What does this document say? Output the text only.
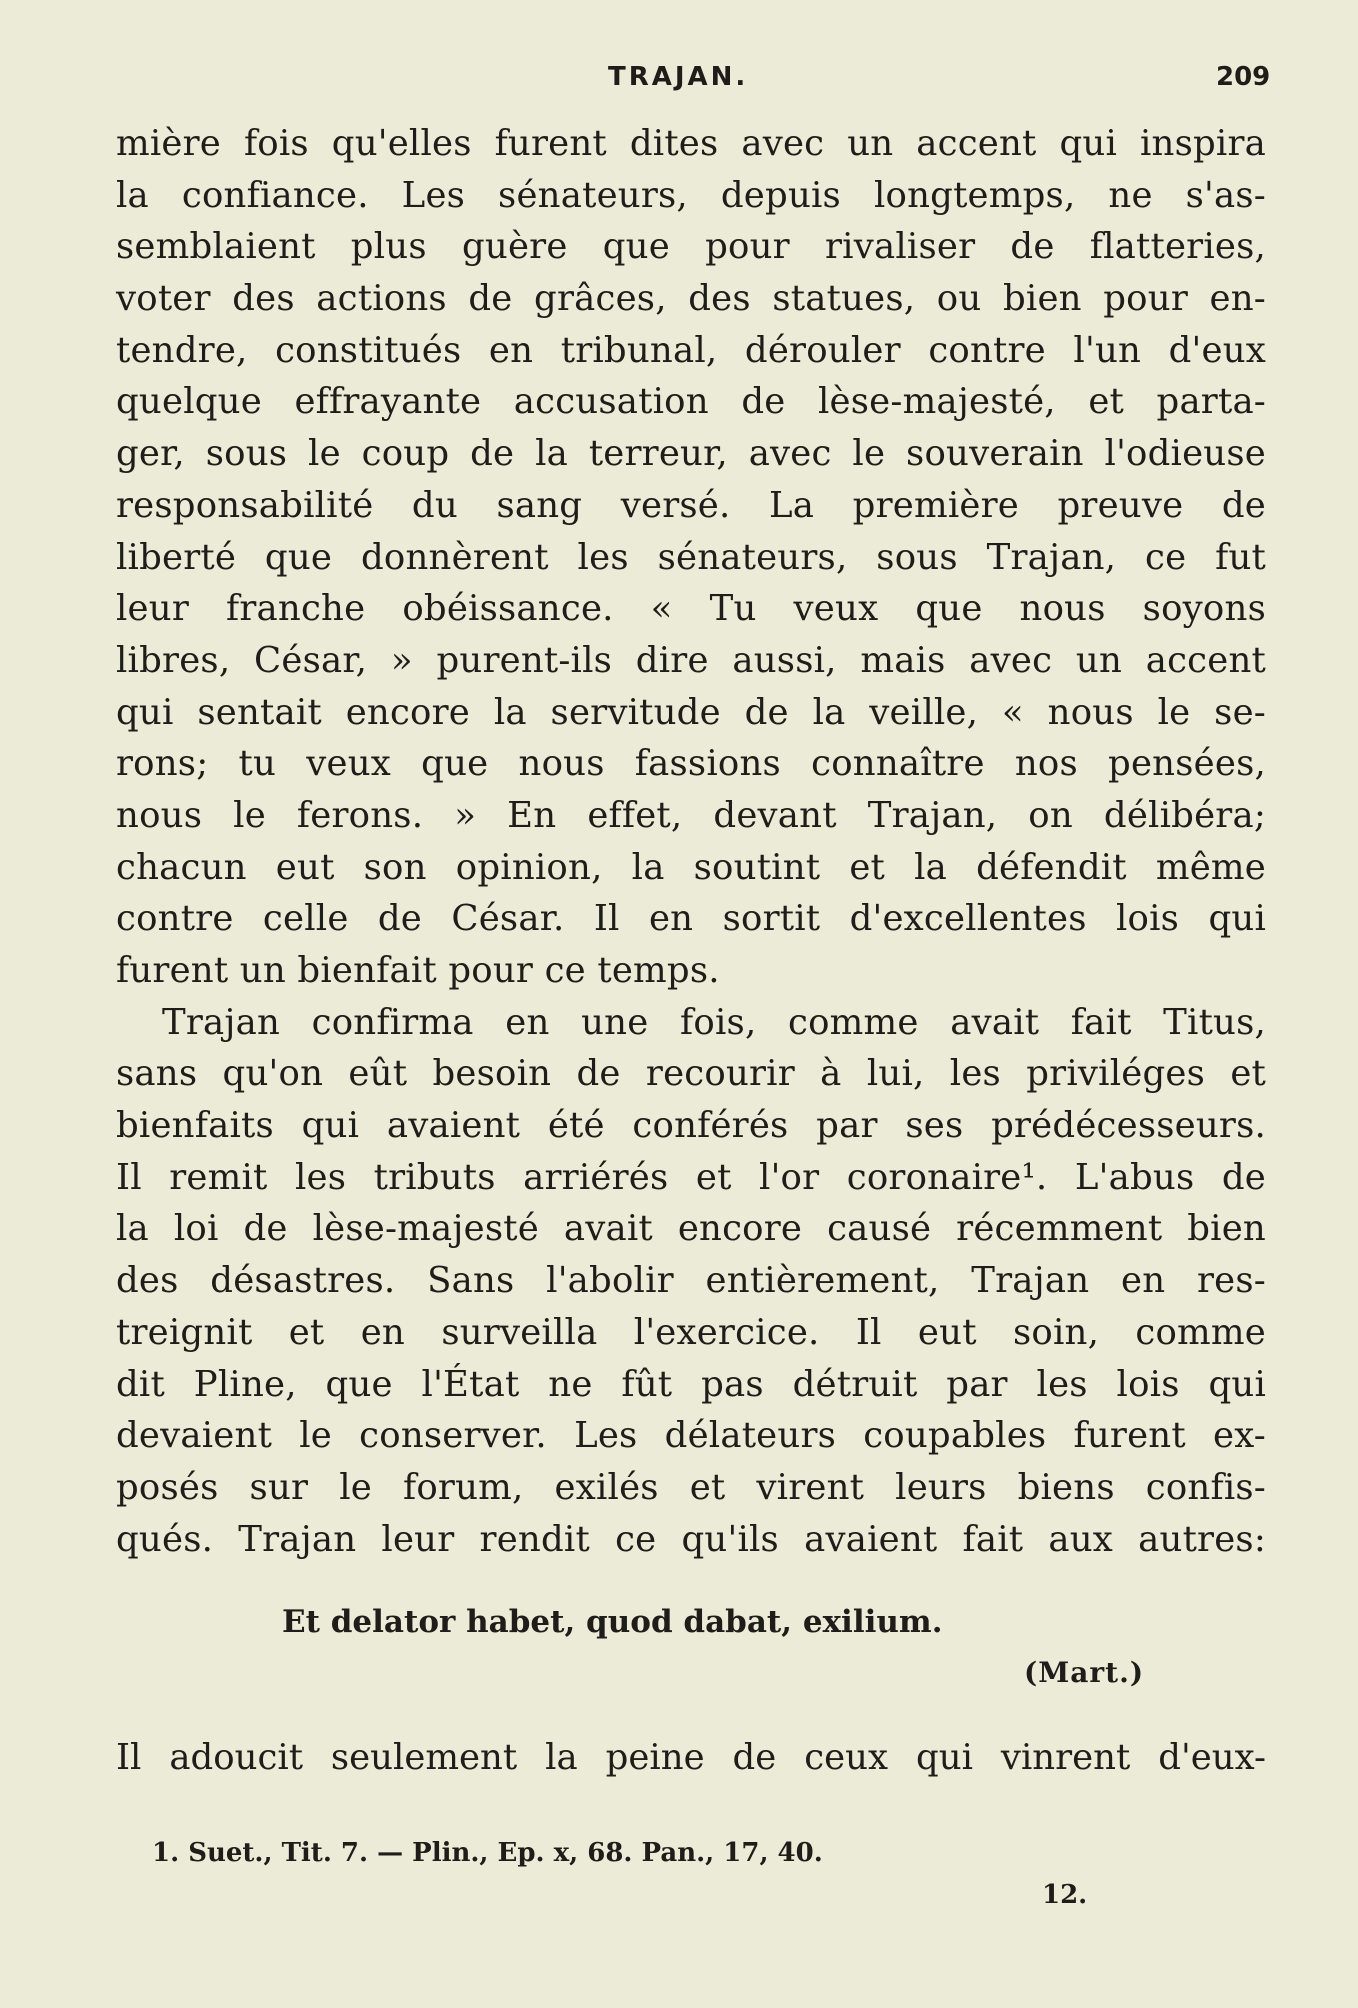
TRAJAN.	209
mière fois qu'elles furent dites avec un accent qui inspira
la confiance. Les sénateurs, depuis longtemps, ne s'as-
semblaient plus guère que pour rivaliser de flatteries,
voter des actions de grâces, des statues, ou bien pour en-
tendre, constitués en tribunal, dérouler contre l'un d'eux
quelque effrayante accusation de lèse-majesté, et parta-
ger, sous le coup de la terreur, avec le souverain l'odieuse
responsabilité du sang versé. La première preuve de
liberté que donnèrent les sénateurs, sous Trajan, ce fut
leur franche obéissance. « Tu veux que nous soyons
libres, César, » purent-ils dire aussi, mais avec un accent
qui sentait encore la servitude de la veille, « nous le se-
rons; tu veux que nous fassions connaître nos pensées,
nous le ferons. » En effet, devant Trajan, on délibéra;
chacun eut son opinion, la soutint et la défendit même
contre celle de César. Il en sortit d'excellentes lois qui
furent un bienfait pour ce temps.
Trajan confirma en une fois, comme avait fait Titus,
sans qu'on eût besoin de recourir à lui, les priviléges et
bienfaits qui avaient été conférés par ses prédécesseurs.
Il remit les tributs arriérés et l'or coronaire¹. L'abus de
la loi de lèse-majesté avait encore causé récemment bien
des désastres. Sans l'abolir entièrement, Trajan en res-
treignit et en surveilla l'exercice. Il eut soin, comme
dit Pline, que l'État ne fût pas détruit par les lois qui
devaient le conserver. Les délateurs coupables furent ex-
posés sur le forum, exilés et virent leurs biens confis-
qués. Trajan leur rendit ce qu'ils avaient fait aux autres:
Et delator habet, quod dabat, exilium.
(Mart.)
Il adoucit seulement la peine de ceux qui vinrent d'eux-
1. Suet., Tit. 7. — Plin., Ep. x, 68. Pan., 17, 40.
12.
